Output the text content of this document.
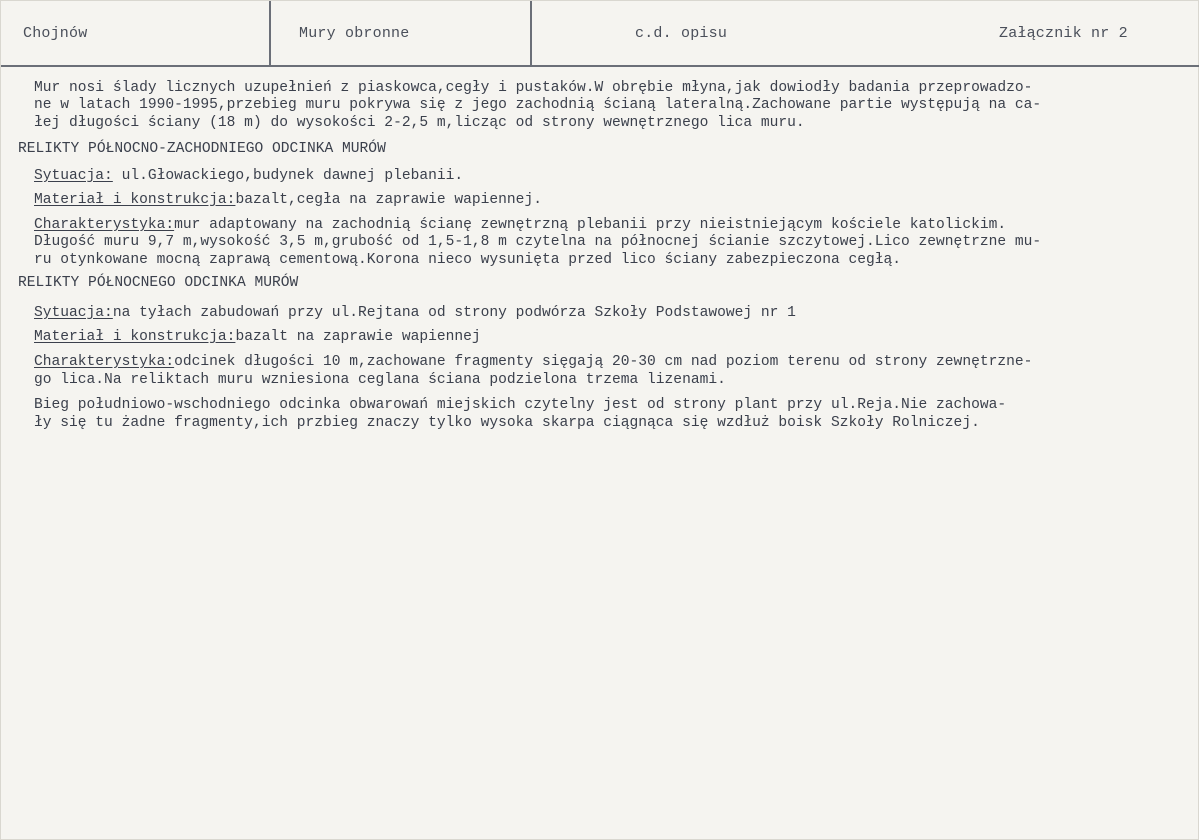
Chojnów	Mury obronne	c.d. opisu	Załącznik nr 2
Mur nosi ślady licznych uzupełnień z piaskowca,cegły i pustaków.W obrębie młyna,jak dowiodły badania przeprowadzo-
ne w latach 1990-1995,przebieg muru pokrywa się z jego zachodnią ścianą lateralną.Zachowane partie występują na ca-
łej długości ściany (18 m) do wysokości 2-2,5 m,licząc od strony wewnętrznego lica muru.
RELIKTY PÓŁNOCNO-ZACHODNIEGO ODCINKA MURÓW
Sytuacja: ul.Głowackiego,budynek dawnej plebanii.
Materiał i konstrukcja:bazalt,cegła na zaprawie wapiennej.
Charakterystyka:mur adaptowany na zachodnią ścianę zewnętrzną plebanii przy nieistniejącym kościele katolickim.
Długość muru 9,7 m,wysokość 3,5 m,grubość od 1,5-1,8 m czytelna na północnej ścianie szczytowej.Lico zewnętrzne mu-
ru otynkowane mocną zaprawą cementową.Korona nieco wysunięta przed lico ściany zabezpieczona cegłą.
RELIKTY PÓŁNOCNEGO ODCINKA MURÓW
Sytuacja:na tyłach zabudowań przy ul.Rejtana od strony podwórza Szkoły Podstawowej nr 1
Materiał i konstrukcja:bazalt na zaprawie wapiennej
Charakterystyka:odcinek długości 10 m,zachowane fragmenty sięgają 20-30 cm nad poziom terenu od strony zewnętrzne-
go lica.Na reliktach muru wzniesiona ceglana ściana podzielona trzema lizenami.
Bieg południowo-wschodniego odcinka obwarowań miejskich czytelny jest od strony plant przy ul.Reja.Nie zachowa-
ły się tu żadne fragmenty,ich przbieg znaczy tylko wysoka skarpa ciągnąca się wzdłuż boisk Szkoły Rolniczej.
